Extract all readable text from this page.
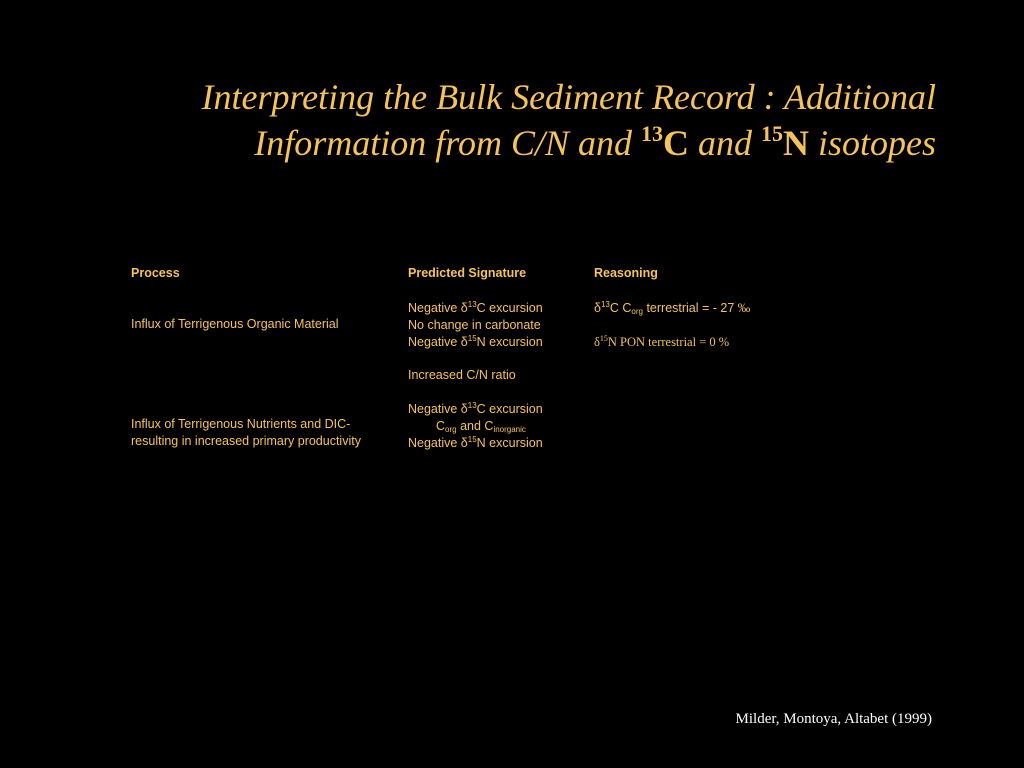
Interpreting the Bulk Sediment Record : Additional
Information from C/N and $^{13}$C and $^{15}$N isotopes
Process	Predicted Signature	Reasoning
Influx of Terrigenous Organic Material
Negative $\delta^{13}C$ excursion
No change in carbonate
Negative $\delta^{15}N$ excursion
Increased C/N ratio
$\delta^{13}C$ $C_{org}$ terrestrial = - 27 ‰
$\delta^{15}N$ PON terrestrial = 0 %
Influx of Terrigenous Nutrients and DIC-resulting in increased primary productivity
Negative $\delta^{13}C$ excursion
$C_{org}$ and $C_{inorganic}$
Negative $\delta^{15}N$ excursion
Milder, Montoya, Altabet (1999)
